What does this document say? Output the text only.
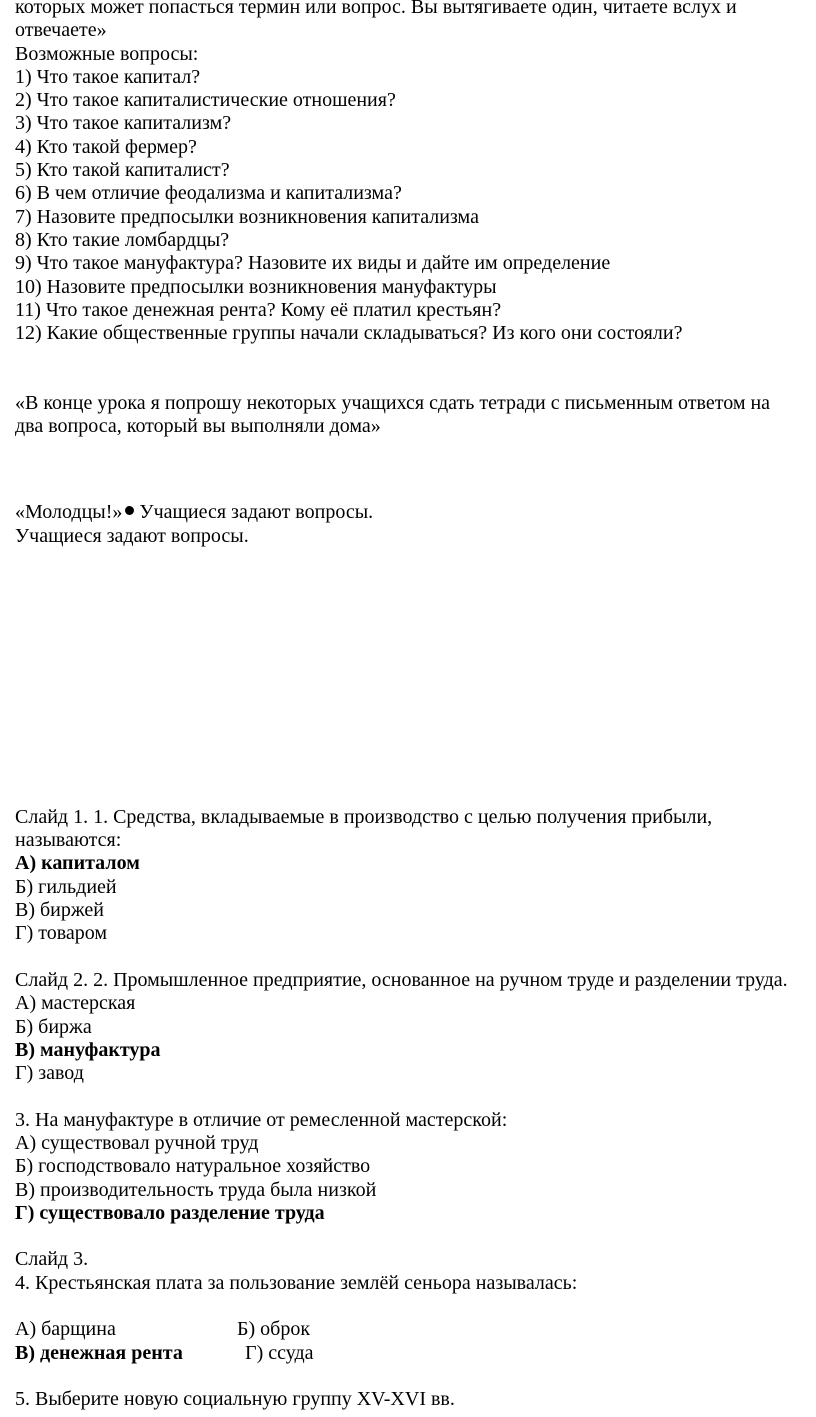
которых может попасться термин или вопрос. Вы вытягиваете один, читаете вслух и
отвечаете»
Возможные вопросы:
1) Что такое капитал?
2) Что такое капиталистические отношения?
3) Что такое капитализм?
4) Кто такой фермер?
5) Кто такой капиталист?
6) В чем отличие феодализма и капитализма?
7) Назовите предпосылки возникновения капитализма
8) Кто такие ломбардцы?
9) Что такое мануфактура? Назовите их виды и дайте им определение
10) Назовите предпосылки возникновения мануфактуры
11) Что такое денежная рента? Кому её платил крестьян?
12) Какие общественные группы начали складываться? Из кого они состояли?
«В конце урока я попрошу некоторых учащихся сдать тетради с письменным ответом на
два вопроса, который вы выполняли дома»
«Молодцы!» Учащиеся задают вопросы.
Учащиеся задают вопросы.
Слайд 1. 1. Средства, вкладываемые в производство с целью получения прибыли,
называются:
А) капиталом
Б) гильдией
В) биржей
Г) товаром
Слайд 2. 2. Промышленное предприятие, основанное на ручном труде и разделении труда.
А) мастерская
Б) биржа
В) мануфактура
Г) завод
3. На мануфактуре в отличие от ремесленной мастерской:
А) существовал ручной труд
Б) господствовало натуральное хозяйство
В) производительность труда была низкой
Г) существовало разделение труда
Слайд 3.
4. Крестьянская плата за пользование землёй сеньора называлась:
А) барщина	Б) оброк
В) денежная рента	Г) ссуда
5. Выберите новую социальную группу XV-XVI вв.
